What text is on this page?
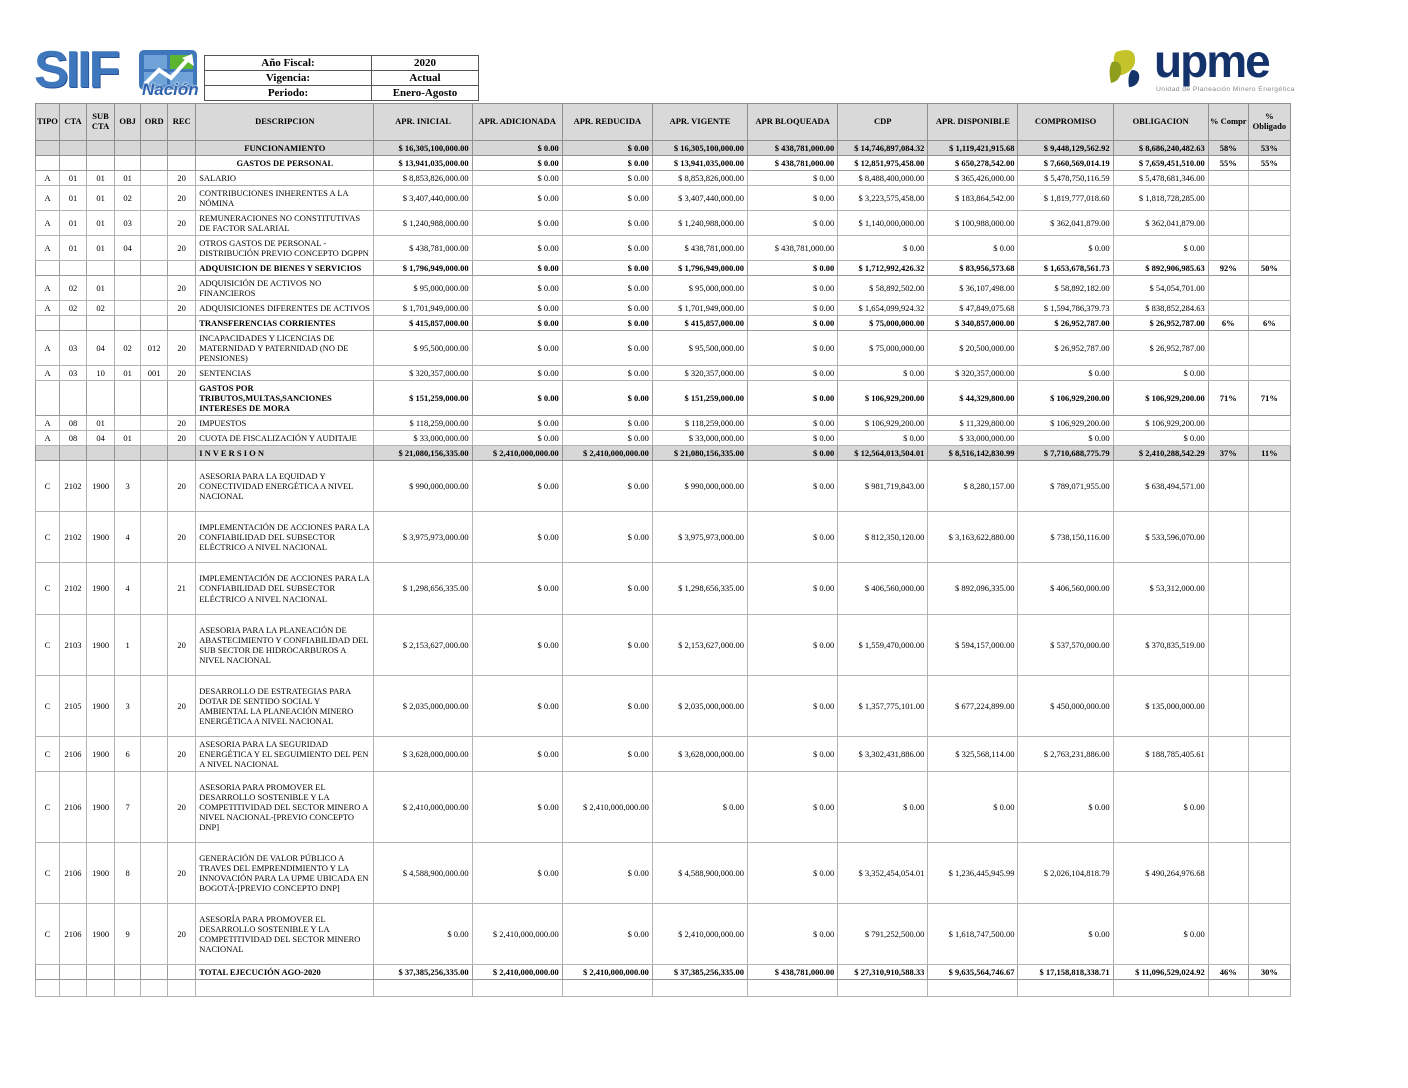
SIIF Nación
Año Fiscal:	2020
Vigencia:	Actual
Periodo:	Enero-Agosto
upme
Unidad de Planeación Minero Energética
TIPO	CTA	SUB CTA	OBJ	ORD	REC	DESCRIPCION	APR. INICIAL	APR. ADICIONADA	APR. REDUCIDA	APR. VIGENTE	APR BLOQUEADA	CDP	APR. DISPONIBLE	COMPROMISO	OBLIGACION	% Compr	% Obligado
						FUNCIONAMIENTO	$ 16,305,100,000.00	$ 0.00	$ 0.00	$ 16,305,100,000.00	$ 438,781,000.00	$ 14,746,897,084.32	$ 1,119,421,915.68	$ 9,448,129,562.92	$ 8,686,240,482.63	58%	53%
						GASTOS DE PERSONAL	$ 13,941,035,000.00	$ 0.00	$ 0.00	$ 13,941,035,000.00	$ 438,781,000.00	$ 12,851,975,458.00	$ 650,278,542.00	$ 7,660,569,014.19	$ 7,659,451,510.00	55%	55%
A	01	01	01		20	SALARIO	$ 8,853,826,000.00	$ 0.00	$ 0.00	$ 8,853,826,000.00	$ 0.00	$ 8,488,400,000.00	$ 365,426,000.00	$ 5,478,750,116.59	$ 5,478,681,346.00		
A	01	01	02		20	CONTRIBUCIONES INHERENTES A LA NÓMINA	$ 3,407,440,000.00	$ 0.00	$ 0.00	$ 3,407,440,000.00	$ 0.00	$ 3,223,575,458.00	$ 183,864,542.00	$ 1,819,777,018.60	$ 1,818,728,285.00		
A	01	01	03		20	REMUNERACIONES NO CONSTITUTIVAS DE FACTOR SALARIAL	$ 1,240,988,000.00	$ 0.00	$ 0.00	$ 1,240,988,000.00	$ 0.00	$ 1,140,000,000.00	$ 100,988,000.00	$ 362,041,879.00	$ 362,041,879.00		
A	01	01	04		20	OTROS GASTOS DE PERSONAL - DISTRIBUCIÓN PREVIO CONCEPTO DGPPN	$ 438,781,000.00	$ 0.00	$ 0.00	$ 438,781,000.00	$ 438,781,000.00	$ 0.00	$ 0.00	$ 0.00	$ 0.00		
						ADQUISICION DE BIENES Y SERVICIOS	$ 1,796,949,000.00	$ 0.00	$ 0.00	$ 1,796,949,000.00	$ 0.00	$ 1,712,992,426.32	$ 83,956,573.68	$ 1,653,678,561.73	$ 892,906,985.63	92%	50%
A	02	01			20	ADQUISICIÓN DE ACTIVOS NO FINANCIEROS	$ 95,000,000.00	$ 0.00	$ 0.00	$ 95,000,000.00	$ 0.00	$ 58,892,502.00	$ 36,107,498.00	$ 58,892,182.00	$ 54,054,701.00		
A	02	02			20	ADQUISICIONES DIFERENTES DE ACTIVOS	$ 1,701,949,000.00	$ 0.00	$ 0.00	$ 1,701,949,000.00	$ 0.00	$ 1,654,099,924.32	$ 47,849,075.68	$ 1,594,786,379.73	$ 838,852,284.63		
						TRANSFERENCIAS CORRIENTES	$ 415,857,000.00	$ 0.00	$ 0.00	$ 415,857,000.00	$ 0.00	$ 75,000,000.00	$ 340,857,000.00	$ 26,952,787.00	$ 26,952,787.00	6%	6%
A	03	04	02	012	20	INCAPACIDADES Y LICENCIAS DE MATERNIDAD Y PATERNIDAD (NO DE PENSIONES)	$ 95,500,000.00	$ 0.00	$ 0.00	$ 95,500,000.00	$ 0.00	$ 75,000,000.00	$ 20,500,000.00	$ 26,952,787.00	$ 26,952,787.00		
A	03	10	01	001	20	SENTENCIAS	$ 320,357,000.00	$ 0.00	$ 0.00	$ 320,357,000.00	$ 0.00	$ 0.00	$ 320,357,000.00	$ 0.00	$ 0.00		
						GASTOS POR TRIBUTOS,MULTAS,SANCIONES INTERESES DE MORA	$ 151,259,000.00	$ 0.00	$ 0.00	$ 151,259,000.00	$ 0.00	$ 106,929,200.00	$ 44,329,800.00	$ 106,929,200.00	$ 106,929,200.00	71%	71%
A	08	01			20	IMPUESTOS	$ 118,259,000.00	$ 0.00	$ 0.00	$ 118,259,000.00	$ 0.00	$ 106,929,200.00	$ 11,329,800.00	$ 106,929,200.00	$ 106,929,200.00		
A	08	04	01		20	CUOTA DE FISCALIZACIÓN Y AUDITAJE	$ 33,000,000.00	$ 0.00	$ 0.00	$ 33,000,000.00	$ 0.00	$ 0.00	$ 33,000,000.00	$ 0.00	$ 0.00		
						I N V E R S I O N	$ 21,080,156,335.00	$ 2,410,000,000.00	$ 2,410,000,000.00	$ 21,080,156,335.00	$ 0.00	$ 12,564,013,504.01	$ 8,516,142,830.99	$ 7,710,688,775.79	$ 2,410,288,542.29	37%	11%
C	2102	1900	3		20	ASESORIA PARA LA EQUIDAD Y CONECTIVIDAD ENERGÉTICA A NIVEL NACIONAL	$ 990,000,000.00	$ 0.00	$ 0.00	$ 990,000,000.00	$ 0.00	$ 981,719,843.00	$ 8,280,157.00	$ 789,071,955.00	$ 638,494,571.00		
C	2102	1900	4		20	IMPLEMENTACIÓN DE ACCIONES PARA LA CONFIABILIDAD DEL SUBSECTOR ELÉCTRICO A NIVEL NACIONAL	$ 3,975,973,000.00	$ 0.00	$ 0.00	$ 3,975,973,000.00	$ 0.00	$ 812,350,120.00	$ 3,163,622,880.00	$ 738,150,116.00	$ 533,596,070.00		
C	2102	1900	4		21	IMPLEMENTACIÓN DE ACCIONES PARA LA CONFIABILIDAD DEL SUBSECTOR ELÉCTRICO A NIVEL NACIONAL	$ 1,298,656,335.00	$ 0.00	$ 0.00	$ 1,298,656,335.00	$ 0.00	$ 406,560,000.00	$ 892,096,335.00	$ 406,560,000.00	$ 53,312,000.00		
C	2103	1900	1		20	ASESORIA PARA LA PLANEACIÓN DE ABASTECIMIENTO Y CONFIABILIDAD DEL SUB SECTOR DE HIDROCARBUROS A NIVEL NACIONAL	$ 2,153,627,000.00	$ 0.00	$ 0.00	$ 2,153,627,000.00	$ 0.00	$ 1,559,470,000.00	$ 594,157,000.00	$ 537,570,000.00	$ 370,835,519.00		
C	2105	1900	3		20	DESARROLLO DE ESTRATEGIAS PARA DOTAR DE SENTIDO SOCIAL Y AMBIENTAL LA PLANEACIÓN MINERO ENERGÉTICA A NIVEL NACIONAL	$ 2,035,000,000.00	$ 0.00	$ 0.00	$ 2,035,000,000.00	$ 0.00	$ 1,357,775,101.00	$ 677,224,899.00	$ 450,000,000.00	$ 135,000,000.00		
C	2106	1900	6		20	ASESORIA PARA LA SEGURIDAD ENERGÉTICA Y EL SEGUIMIENTO DEL PEN A NIVEL NACIONAL	$ 3,628,000,000.00	$ 0.00	$ 0.00	$ 3,628,000,000.00	$ 0.00	$ 3,302,431,886.00	$ 325,568,114.00	$ 2,763,231,886.00	$ 188,785,405.61		
C	2106	1900	7		20	ASESORIA PARA PROMOVER EL DESARROLLO SOSTENIBLE Y LA COMPETITIVIDAD DEL SECTOR MINERO A NIVEL NACIONAL-[PREVIO CONCEPTO DNP]	$ 2,410,000,000.00	$ 0.00	$ 2,410,000,000.00	$ 0.00	$ 0.00	$ 0.00	$ 0.00	$ 0.00	$ 0.00		
C	2106	1900	8		20	GENERACIÓN DE VALOR PÚBLICO A TRAVES DEL EMPRENDIMIENTO Y LA INNOVACIÓN PARA LA UPME UBICADA EN BOGOTÁ-[PREVIO CONCEPTO DNP]	$ 4,588,900,000.00	$ 0.00	$ 0.00	$ 4,588,900,000.00	$ 0.00	$ 3,352,454,054.01	$ 1,236,445,945.99	$ 2,026,104,818.79	$ 490,264,976.68		
C	2106	1900	9		20	ASESORÍA PARA PROMOVER EL DESARROLLO SOSTENIBLE Y LA COMPETITIVIDAD DEL SECTOR MINERO NACIONAL	$ 0.00	$ 2,410,000,000.00	$ 0.00	$ 2,410,000,000.00	$ 0.00	$ 791,252,500.00	$ 1,618,747,500.00	$ 0.00	$ 0.00		
						TOTAL EJECUCIÓN AGO-2020	$ 37,385,256,335.00	$ 2,410,000,000.00	$ 2,410,000,000.00	$ 37,385,256,335.00	$ 438,781,000.00	$ 27,310,910,588.33	$ 9,635,564,746.67	$ 17,158,818,338.71	$ 11,096,529,024.92	46%	30%
